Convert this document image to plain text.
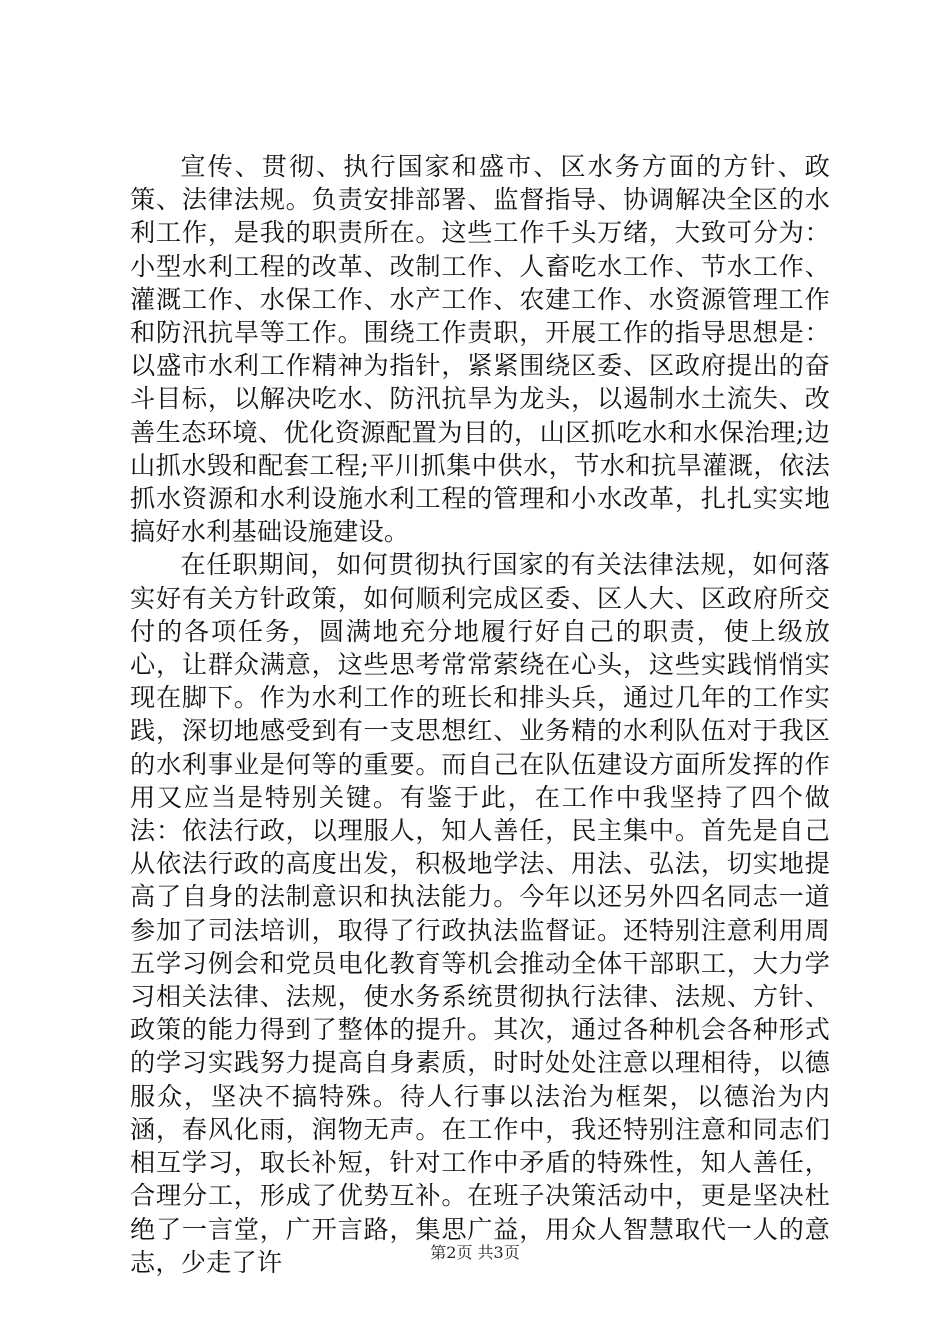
宣传、贯彻、执行国家和盛市、区水务方面的方针、政策、法律法规。负责安排部署、监督指导、协调解决全区的水利工作，是我的职责所在。这些工作千头万绪，大致可分为：小型水利工程的改革、改制工作、人畜吃水工作、节水工作、灌溉工作、水保工作、水产工作、农建工作、水资源管理工作和防汛抗旱等工作。围绕工作责职，开展工作的指导思想是：以盛市水利工作精神为指针，紧紧围绕区委、区政府提出的奋斗目标，以解决吃水、防汛抗旱为龙头，以遏制水土流失、改善生态环境、优化资源配置为目的，山区抓吃水和水保治理;边山抓水毁和配套工程;平川抓集中供水，节水和抗旱灌溉，依法抓水资源和水利设施水利工程的管理和小水改革，扎扎实实地搞好水利基础设施建设。

在任职期间，如何贯彻执行国家的有关法律法规，如何落实好有关方针政策，如何顺利完成区委、区人大、区政府所交付的各项任务，圆满地充分地履行好自己的职责，使上级放心，让群众满意，这些思考常常萦绕在心头，这些实践悄悄实现在脚下。作为水利工作的班长和排头兵，通过几年的工作实践，深切地感受到有一支思想红、业务精的水利队伍对于我区的水利事业是何等的重要。而自己在队伍建设方面所发挥的作用又应当是特别关键。有鉴于此，在工作中我坚持了四个做法：依法行政，以理服人，知人善任，民主集中。首先是自己从依法行政的高度出发，积极地学法、用法、弘法，切实地提高了自身的法制意识和执法能力。今年以还另外四名同志一道参加了司法培训，取得了行政执法监督证。还特别注意利用周五学习例会和党员电化教育等机会推动全体干部职工，大力学习相关法律、法规，使水务系统贯彻执行法律、法规、方针、政策的能力得到了整体的提升。其次，通过各种机会各种形式的学习实践努力提高自身素质，时时处处注意以理相待，以德服众，坚决不搞特殊。待人行事以法治为框架，以德治为内涵，春风化雨，润物无声。在工作中，我还特别注意和同志们相互学习，取长补短，针对工作中矛盾的特殊性，知人善任，合理分工，形成了优势互补。在班子决策活动中，更是坚决杜绝了一言堂，广开言路，集思广益，用众人智慧取代一人的意志，少走了许	第2页 共3页
